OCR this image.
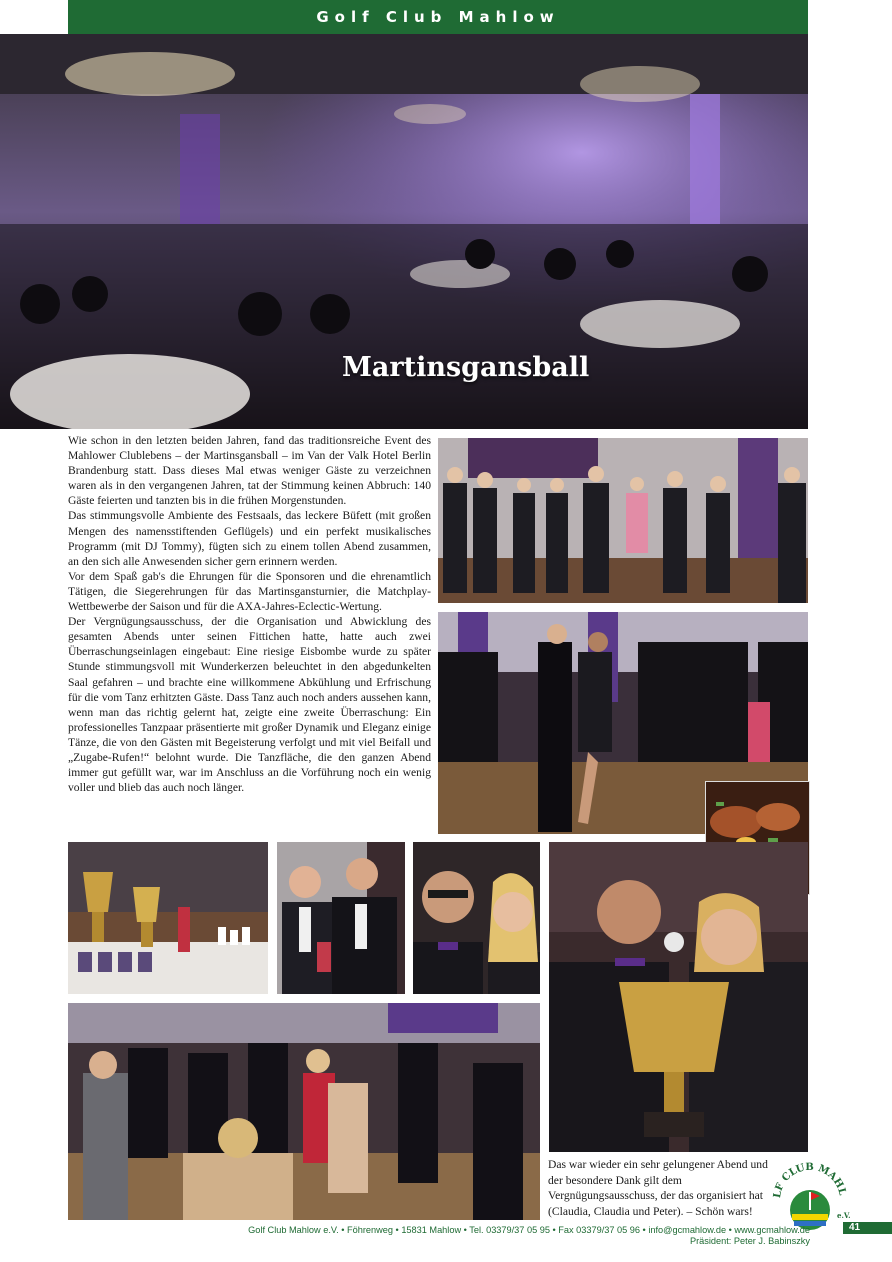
Golf Club Mahlow
Martinsgansball

Wie schon in den letzten beiden Jahren, fand das traditionsreiche Event des Mahlower Clublebens – der Martinsgansball – im Van der Valk Hotel Berlin Brandenburg statt. Dass dieses Mal etwas weniger Gäste zu verzeichnen waren als in den vergangenen Jahren, tat der Stimmung keinen Abbruch: 140 Gäste feierten und tanzten bis in die frühen Morgenstunden.

Das stimmungsvolle Ambiente des Festsaals, das leckere Büfett (mit großen Mengen des namensstiftenden Geflügels) und ein perfekt musikalisches Programm (mit DJ Tommy), fügten sich zu einem tollen Abend zusammen, an den sich alle Anwesenden sicher gern erinnern werden.

Vor dem Spaß gab's die Ehrungen für die Sponsoren und die ehrenamtlich Tätigen, die Siegerehrungen für das Martinsgansturnier, die Matchplay-Wettbewerbe der Saison und für die AXA-Jahres-Eclectic-Wertung.

Der Vergnügungsausschuss, der die Organisation und Abwicklung des gesamten Abends unter seinen Fittichen hatte, hatte auch zwei Überraschungseinlagen eingebaut: Eine riesige Eisbombe wurde zu später Stunde stimmungsvoll mit Wunderkerzen beleuchtet in den abgedunkelten Saal gefahren – und brachte eine willkommene Abkühlung und Erfrischung für die vom Tanz erhitzten Gäste. Dass Tanz auch noch anders aussehen kann, wenn man das richtig gelernt hat, zeigte eine zweite Überraschung: Ein professionelles Tanzpaar präsentierte mit großer Dynamik und Eleganz einige Tänze, die von den Gästen mit Begeisterung verfolgt und mit viel Beifall und „Zugabe-Rufen!“ belohnt wurde. Die Tanzfläche, die den ganzen Abend immer gut gefüllt war, war im Anschluss an die Vorführung noch ein wenig voller und blieb das auch noch länger.

Das war wieder ein sehr gelungener Abend und der besondere Dank gilt dem Vergnügungsausschuss, der das organisiert hat (Claudia, Claudia und Peter). – Schön wars!
LF CLUB MAHL
e.V.
Golf Club Mahlow e.V. • Föhrenweg • 15831 Mahlow • Tel. 03379/37 05 95 • Fax 03379/37 05 96 • info@gcmahlow.de • www.gcmahlow.de
Präsident: Peter J. Babinszky
41
